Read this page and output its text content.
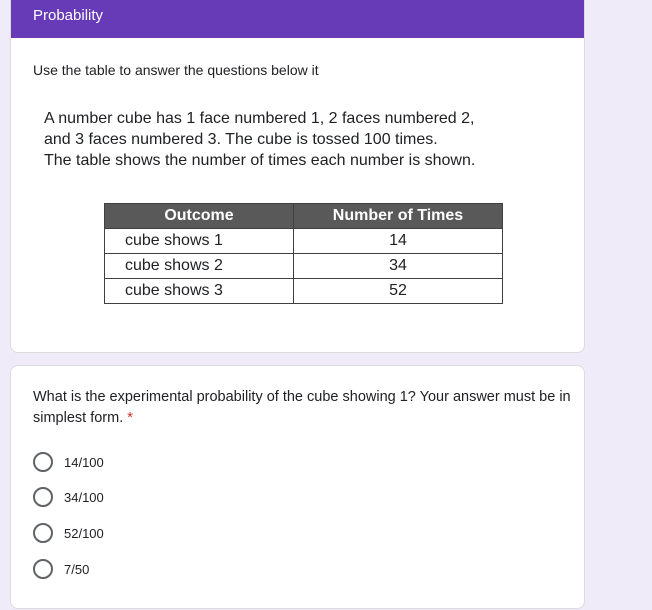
Probability
Use the table to answer the questions below it
A number cube has 1 face numbered 1, 2 faces numbered 2,
and 3 faces numbered 3. The cube is tossed 100 times.
The table shows the number of times each number is shown.
Outcome	Number of Times
cube shows 1	14
cube shows 2	34
cube shows 3	52
What is the experimental probability of the cube showing 1? Your answer must be in simplest form. *
14/100
34/100
52/100
7/50
